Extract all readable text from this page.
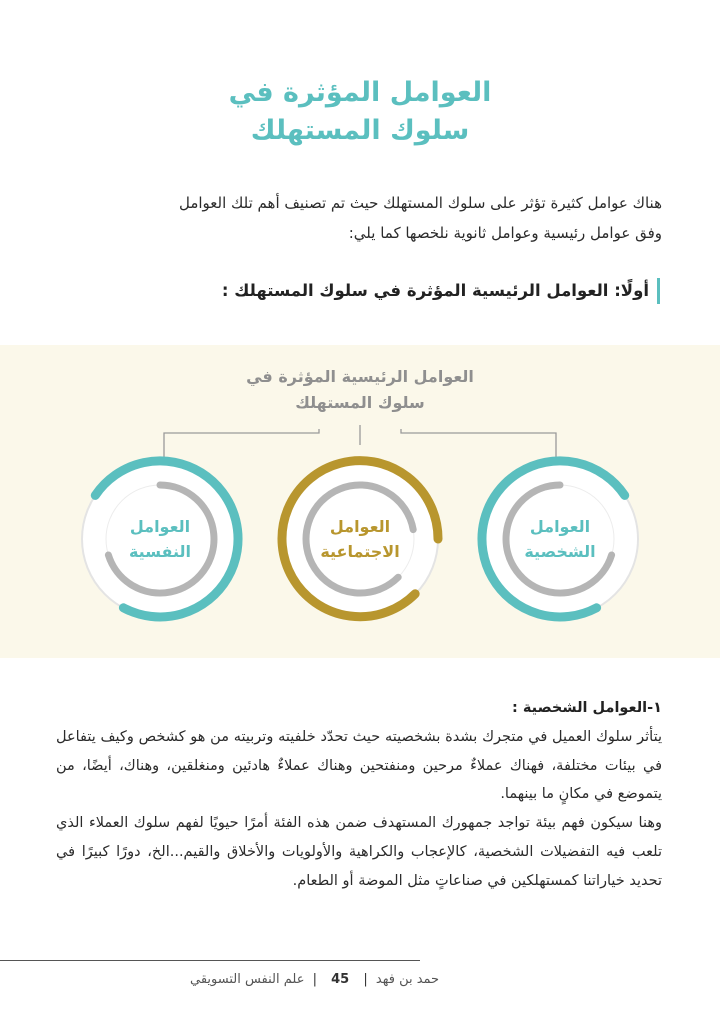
العوامل المؤثرة في
سلوك المستهلك
هناك عوامل كثيرة تؤثر على سلوك المستهلك حيث تم تصنيف أهم تلك العوامل
وفق عوامل رئيسية وعوامل ثانوية نلخصها كما يلي:
أولًا: العوامل الرئيسية المؤثرة في سلوك المستهلك :
العوامل الرئيسية المؤثرة في
سلوك المستهلك
العوامل
الشخصية
العوامل
الاجتماعية
العوامل
النفسية
١-العوامل الشخصية :

يتأثر سلوك العميل في متجرك بشدة بشخصيته حيث تحدّد خلفيته وتربيته من هو كشخص وكيف يتفاعل في بيئات مختلفة، فهناك عملاءٌ مرحين ومنفتحين وهناك عملاءٌ هادئين ومنغلقين، وهناك، أيضًا، من يتموضع في مكانٍ ما بينهما.

وهنا سيكون فهم بيئة تواجد جمهورك المستهدف ضمن هذه الفئة أمرًا حيويًا لفهم سلوك العملاء الذي تلعب فيه التفضيلات الشخصية، كالإعجاب والكراهية والأولويات والأخلاق والقيم...الخ، دورًا كبيرًا في تحديد خياراتنا كمستهلكين في صناعاتٍ مثل الموضة أو الطعام.

حمد بن فهد | 45 | علم النفس التسويقي
